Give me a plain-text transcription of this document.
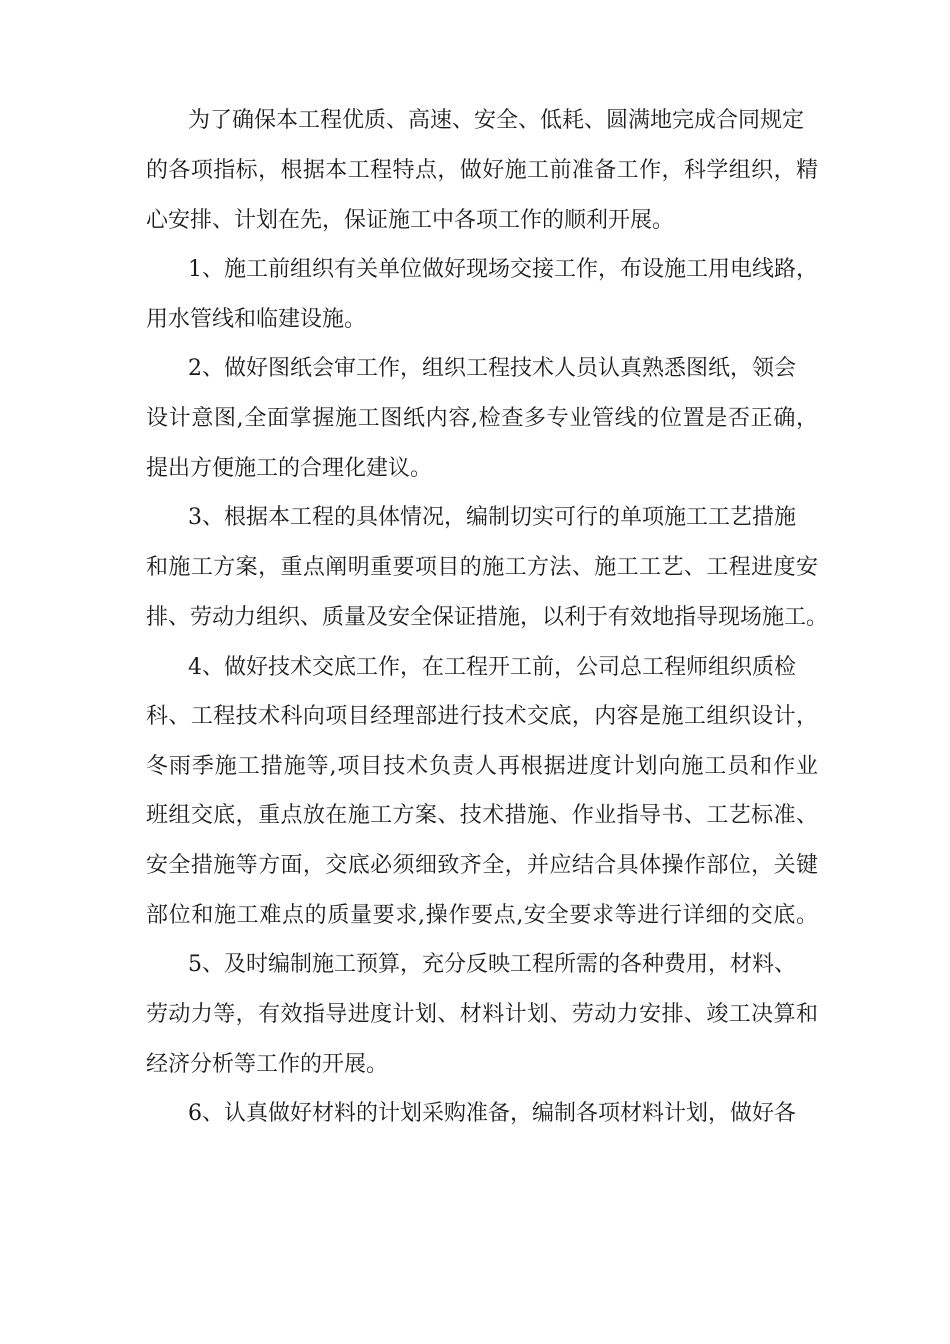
为了确保本工程优质、高速、安全、低耗、圆满地完成合同规定

的各项指标，根据本工程特点，做好施工前准备工作，科学组织，精

心安排、计划在先，保证施工中各项工作的顺利开展。

1、施工前组织有关单位做好现场交接工作，布设施工用电线路，

用水管线和临建设施。

2、做好图纸会审工作，组织工程技术人员认真熟悉图纸，领会

设计意图,全面掌握施工图纸内容,检查多专业管线的位置是否正确，

提出方便施工的合理化建议。

3、根据本工程的具体情况，编制切实可行的单项施工工艺措施

和施工方案，重点阐明重要项目的施工方法、施工工艺、工程进度安

排、劳动力组织、质量及安全保证措施，以利于有效地指导现场施工。

4、做好技术交底工作，在工程开工前，公司总工程师组织质检

科、工程技术科向项目经理部进行技术交底，内容是施工组织设计，

冬雨季施工措施等,项目技术负责人再根据进度计划向施工员和作业

班组交底，重点放在施工方案、技术措施、作业指导书、工艺标准、

安全措施等方面，交底必须细致齐全，并应结合具体操作部位，关键

部位和施工难点的质量要求,操作要点,安全要求等进行详细的交底。

5、及时编制施工预算，充分反映工程所需的各种费用，材料、

劳动力等，有效指导进度计划、材料计划、劳动力安排、竣工决算和

经济分析等工作的开展。

6、认真做好材料的计划采购准备，编制各项材料计划，做好各
